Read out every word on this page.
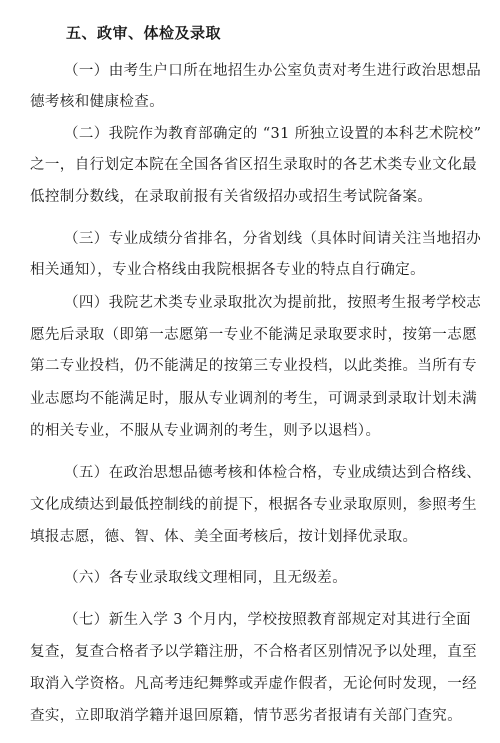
五、政审、体检及录取
（一）由考生户口所在地招生办公室负责对考生进行政治思想品
德考核和健康检查。
（二）我院作为教育部确定的 “31 所独立设置的本科艺术院校”
之一，自行划定本院在全国各省区招生录取时的各艺术类专业文化最
低控制分数线，在录取前报有关省级招办或招生考试院备案。
（三）专业成绩分省排名，分省划线（具体时间请关注当地招办
相关通知），专业合格线由我院根据各专业的特点自行确定。
（四）我院艺术类专业录取批次为提前批，按照考生报考学校志
愿先后录取（即第一志愿第一专业不能满足录取要求时，按第一志愿
第二专业投档，仍不能满足的按第三专业投档，以此类推。当所有专
业志愿均不能满足时，服从专业调剂的考生，可调录到录取计划未满
的相关专业，不服从专业调剂的考生，则予以退档）。
（五）在政治思想品德考核和体检合格，专业成绩达到合格线、
文化成绩达到最低控制线的前提下，根据各专业录取原则，参照考生
填报志愿，德、智、体、美全面考核后，按计划择优录取。
（六）各专业录取线文理相同，且无级差。
（七）新生入学 3 个月内，学校按照教育部规定对其进行全面
复查，复查合格者予以学籍注册，不合格者区别情况予以处理，直至
取消入学资格。凡高考违纪舞弊或弄虚作假者，无论何时发现，一经
查实，立即取消学籍并退回原籍，情节恶劣者报请有关部门查究。
